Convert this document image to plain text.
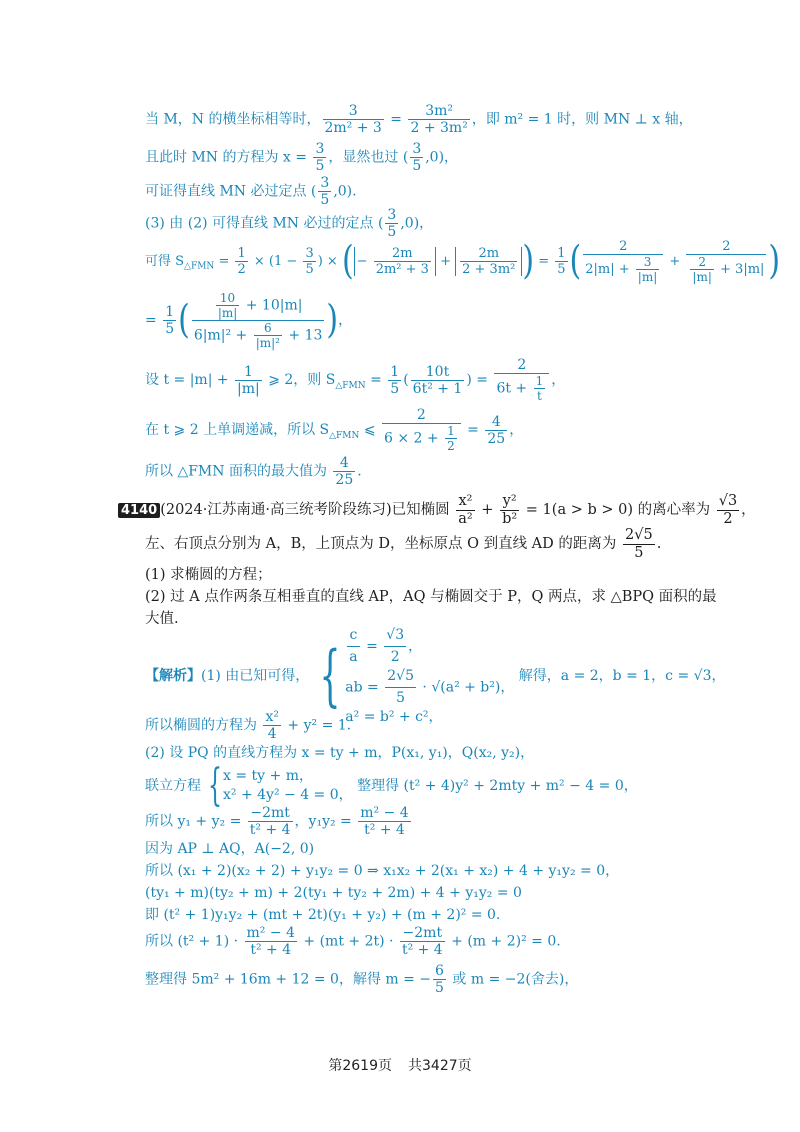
当 M，N 的横坐标相等时， $\frac{3}{\text{2m² + 3}} = \frac{\text{3m²}}{\text{2 + 3m²}}$ ，即 m² = 1 时，则 MN ⊥ x 轴，
且此时 MN 的方程为 $x = \frac{3}{5}$ ，显然也过 ( $\frac{3}{5} ,0$)，
可证得直线 MN 必过定点 ( $\frac{3}{5} ,0$).
(3) 由 (2) 可得直线 MN 必过的定点 ( $\frac{3}{5} ,0$)，
可得 $S_{\triangle FMN} = \frac{1}{2} \times (1 - \frac{3}{5}$ ) × ( − $\frac{2m}{\text{2m² + 3}} + \frac{2m}{\text{2 + 3m²}}$ ) = $\frac{1}{5}$ ( $\frac{2}{2|m| + \frac{3}{|m|}} + \frac{2}{\frac{2}{|m|} + 3|m|}$ )
= $\frac{1}{5}$ ( $\frac{\frac{10}{|m|} + 10|m|}{6|m|^2 + \frac{6}{\text{|m|²}} + 13}$ )，
设 $t = |m| + \frac{1}{|m|}$ ⩾ 2，则 $S_{\triangle FMN} = \frac{1}{5}$ ( $\frac{10t}{\text{6t² + 1}}$ ) = $\frac{2}{6t + \frac{1}{t}}$ ，
在 t ⩾ 2 上单调递减，所以 $S_{\triangle FMN}$ ⩽ $\frac{2}{6 \times 2 + \frac{1}{2}} = \frac{4}{25}$ ，
所以 △FMN 面积的最大值为 $\frac{4}{25}$ .
4140 (2024·江苏南通·高三统考阶段练习)已知椭圆 $\frac{\text{x²}}{\text{a²}} + \frac{\text{y²}}{\text{b²}} = 1(a > b > 0)$ 的离心率为 $\frac{√3}{2}$ ，
左、右顶点分别为 A，B，上顶点为 D，坐标原点 O 到直线 AD 的距离为 $\frac{2√5}{5}$ .
(1) 求椭圆的方程；
(2) 过 A 点作两条互相垂直的直线 AP，AQ 与椭圆交于 P，Q 两点，求 △BPQ 面积的最
大值.
【解析】(1) 由已知可得， { $\frac{c}{a} = \frac{√3}{2}$ ，
ab = $\frac{2√5}{5} \cdot √(a^2 + b^2)$，
a² = b² + c²，
解得，a = 2，b = 1，c = √3，
所以椭圆的方程为 $\frac{\text{x²}}{4} + y^2 = 1$.
(2) 设 PQ 的直线方程为 x = ty + m，P(x₁, y₁)，Q(x₂, y₂)，
联立方程 { x = ty + m，
x² + 4y² − 4 = 0，
整理得 (t² + 4)y² + 2mty + m² − 4 = 0，
所以 $y_1 + y_2 = \frac{-2mt}{\text{t² + 4}}$ ，$y_1y_2 = \frac{\text{m² − 4}}{\text{t² + 4}}$
因为 AP ⊥ AQ，A(−2, 0)
所以 (x₁ + 2)(x₂ + 2) + y₁y₂ = 0 ⇒ x₁x₂ + 2(x₁ + x₂) + 4 + y₁y₂ = 0，
(ty₁ + m)(ty₂ + m) + 2(ty₁ + ty₂ + 2m) + 4 + y₁y₂ = 0
即 (t² + 1)y₁y₂ + (mt + 2t)(y₁ + y₂) + (m + 2)² = 0.
所以 $(t^2 + 1) \cdot \frac{\text{m² − 4}}{\text{t² + 4}} + (mt + 2t) \cdot \frac{-2mt}{\text{t² + 4}} + (m + 2)^2 = 0$.
整理得 5m² + 16m + 12 = 0，解得 m = − $\frac{6}{5}$ 或 m = −2(舍去)，
第2619页 共3427页
